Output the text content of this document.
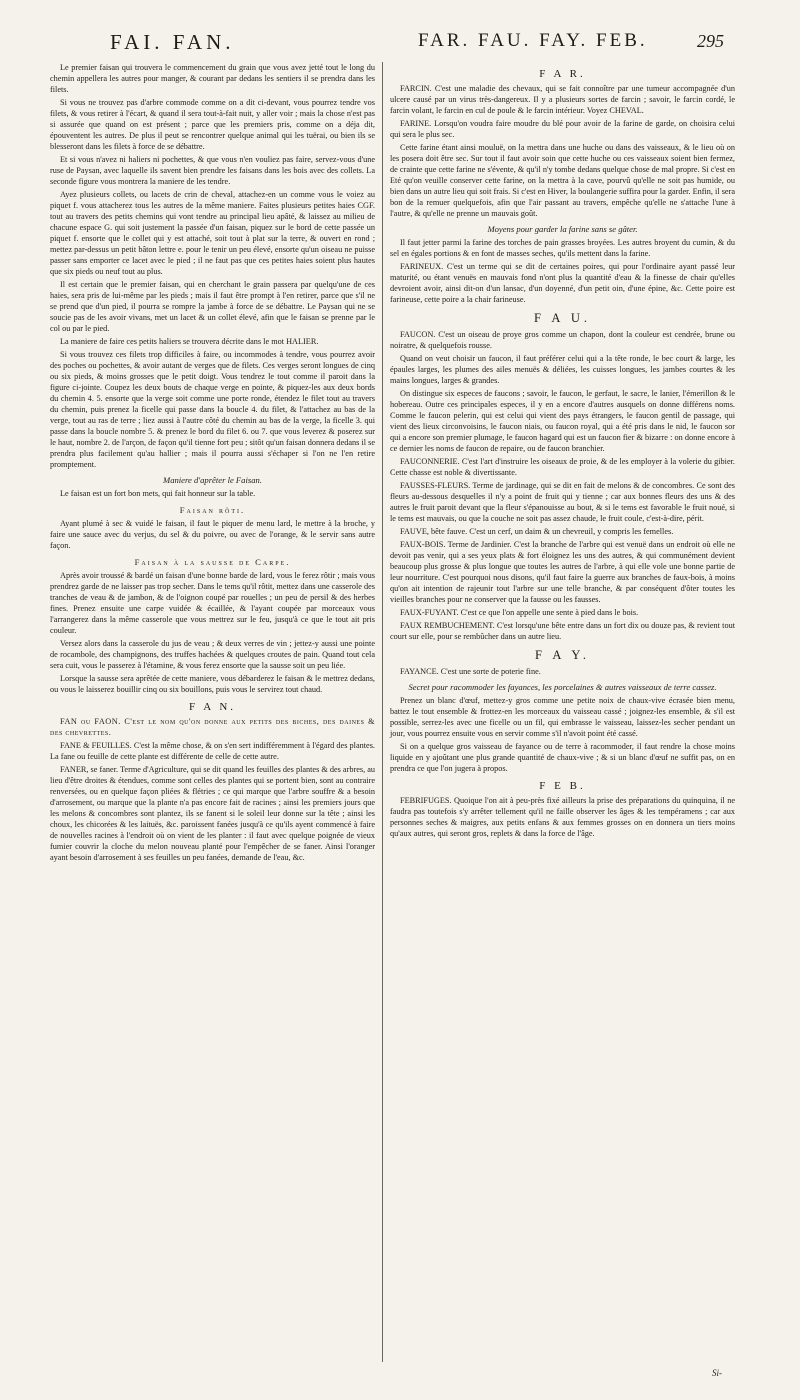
FAI. FAN.	FAR. FAU. FAY. FEB.	295

Le premier faisan qui trouvera le commencement du grain que vous avez jetté tout le long du chemin appellera les autres pour manger, & courant par dedans les sentiers il se prendra dans les filets.

Si vous ne trouvez pas d'arbre commode comme on a dit ci-devant, vous pourrez tendre vos filets, & vous retirer à l'écart, & quand il sera tout-à-fait nuit, y aller voir ; mais la chose n'est pas si assurée que quand on est présent ; parce que les premiers pris, comme on a déja dit, épouventent les autres. De plus il peut se rencontrer quelque animal qui les tuërai, ou bien ils se blesseront dans les filets à force de se débattre.

Et si vous n'avez ni haliers ni pochettes, & que vous n'en vouliez pas faire, servez-vous d'une ruse de Paysan, avec laquelle ils savent bien prendre les faisans dans les bois avec des collets. La seconde figure vous montrera la maniere de les tendre.

Ayez plusieurs collets, ou lacets de crin de cheval, attachez-en un comme vous le voiez au piquet f. vous attacherez tous les autres de la même maniere. Faites plusieurs petites haies CGF. tout au travers des petits chemins qui vont tendre au principal lieu apâté, & laissez au milieu de chacune espace G. qui soit justement la passée d'un faisan, piquez sur le bord de cette passée un piquet f. ensorte que le collet qui y est attaché, soit tout à plat sur la terre, & ouvert en rond ; mettez par-dessus un petit bâton lettre e. pour le tenir un peu élevé, ensorte qu'un oiseau ne puisse passer sans emporter ce lacet avec le pied ; il ne faut pas que ces petites haies soient plus hautes que six pieds ou neuf tout au plus.

Il est certain que le premier faisan, qui en cherchant le grain passera par quelqu'une de ces haies, sera pris de lui-même par les pieds ; mais il faut être prompt à l'en retirer, parce que s'il ne se prend que d'un pied, il pourra se rompre la jambe à force de se débattre. Le Paysan qui ne se soucie pas de les avoir vivans, met un lacet & un collet élevé, afin que le faisan se prenne par le col ou par le pied.

La maniere de faire ces petits haliers se trouvera décrite dans le mot HALIER.

Si vous trouvez ces filets trop difficiles à faire, ou incommodes à tendre, vous pourrez avoir des poches ou pochettes, & avoir autant de verges que de filets. Ces verges seront longues de cinq ou six pieds, & moins grosses que le petit doigt. Vous tendrez le tout comme il paroit dans la figure ci-jointe. Coupez les deux bouts de chaque verge en pointe, & piquez-les aux deux bords du chemin 4. 5. ensorte que la verge soit comme une porte ronde, étendez le filet tout au travers du chemin, puis prenez la ficelle qui passe dans la boucle 4. du filet, & l'attachez au bas de la verge, tout au ras de terre ; liez aussi à l'autre côté du chemin au bas de la verge, la ficelle 3. qui passe dans la boucle nombre 5. & prenez le bord du filet 6. ou 7. que vous leverez & poserez sur le haut, nombre 2. de l'arçon, de façon qu'il tienne fort peu ; sitôt qu'un faisan donnera dedans il se prendra plus facilement qu'au hallier ; mais il pourra aussi s'échaper si l'on ne l'en retire promptement.

Maniere d'aprêter le Faisan.

Le faisan est un fort bon mets, qui fait honneur sur la table.

Faisan rôti.

Ayant plumé à sec & vuidé le faisan, il faut le piquer de menu lard, le mettre à la broche, y faire une sauce avec du verjus, du sel & du poivre, ou avec de l'orange, & le servir sans autre façon.

Faisan à la sausse de Carpe.

Après avoir troussé & bardé un faisan d'une bonne barde de lard, vous le ferez rôtir ; mais vous prendrez garde de ne laisser pas trop secher. Dans le tems qu'il rôtit, mettez dans une casserole des tranches de veau & de jambon, & de l'oignon coupé par rouelles ; un peu de persil & des herbes fines. Prenez ensuite une carpe vuidée & écaillée, & l'ayant coupée par morceaux vous l'arrangerez dans la même casserole que vous mettrez sur le feu, jusqu'à ce que le tout ait pris couleur.

Versez alors dans la casserole du jus de veau ; & deux verres de vin ; jettez-y aussi une pointe de rocambole, des champignons, des truffes hachées & quelques croutes de pain. Quand tout cela sera cuit, vous le passerez à l'étamine, & vous ferez ensorte que la sausse soit un peu liée.

Lorsque la sausse sera aprêtée de cette maniere, vous débarderez le faisan & le mettrez dedans, ou vous le laisserez bouillir cinq ou six bouillons, puis vous le servirez tout chaud.

F A N.

FAN ou FAON. C'est le nom qu'on donne aux petits des biches, des daines & des chevrettes.

FANE & FEUILLES. C'est la même chose, & on s'en sert indifféremment à l'égard des plantes. La fane ou feuille de cette plante est différente de celle de cette autre.

FANER, se faner. Terme d'Agriculture, qui se dit quand les feuilles des plantes & des arbres, au lieu d'être droites & étendues, comme sont celles des plantes qui se portent bien, sont au contraire renversées, ou en quelque façon pliées & flétries ; ce qui marque que l'arbre souffre & a besoin d'arrosement, ou marque que la plante n'a pas encore fait de racines ; ainsi les premiers jours que les melons & concombres sont plantez, ils se fanent si le soleil leur donne sur la tête ; ainsi les choux, les chicorées & les laituës, &c. paroissent fanées jusqu'à ce qu'ils ayent commencé à faire de nouvelles racines à l'endroit où on vient de les planter : il faut avec quelque poignée de vieux fumier couvrir la cloche du melon nouveau planté pour l'empêcher de se faner. Ainsi l'oranger ayant besoin d'arrosement à ses feuilles un peu fanées, demande de l'eau, &c.

F A R.

FARCIN. C'est une maladie des chevaux, qui se fait connoître par une tumeur accompagnée d'un ulcere causé par un virus très-dangereux. Il y a plusieurs sortes de farcin ; savoir, le farcin cordé, le farcin volant, le farcin en cul de poule & le farcin intérieur. Voyez CHEVAL.

FARINE. Lorsqu'on voudra faire moudre du blé pour avoir de la farine de garde, on choisira celui qui sera le plus sec.

Cette farine étant ainsi mouluë, on la mettra dans une huche ou dans des vaisseaux, & le lieu où on les posera doit être sec. Sur tout il faut avoir soin que cette huche ou ces vaisseaux soient bien fermez, de crainte que cette farine ne s'évente, & qu'il n'y tombe dedans quelque chose de mal propre. Si c'est en Eté qu'on veuille conserver cette farine, on la mettra à la cave, pourvû qu'elle ne soit pas humide, ou bien dans un autre lieu qui soit frais. Si c'est en Hiver, la boulangerie suffira pour la garder. Enfin, il sera bon de la remuer quelquefois, afin que l'air passant au travers, empêche qu'elle ne s'attache l'une à l'autre, & qu'elle ne prenne un mauvais goût.

Moyens pour garder la farine sans se gâter.

Il faut jetter parmi la farine des torches de pain grasses broyées. Les autres broyent du cumin, & du sel en égales portions & en font de masses seches, qu'ils mettent dans la farine.

FARINEUX. C'est un terme qui se dit de certaines poires, qui pour l'ordinaire ayant passé leur maturité, ou étant venuës en mauvais fond n'ont plus la quantité d'eau & la finesse de chair qu'elles devroient avoir, ainsi dit-on d'un lansac, d'un doyenné, d'un petit oin, d'une épine, &c. Cette poire est farineuse, cette poire a la chair farineuse.

F A U.

FAUCON. C'est un oiseau de proye gros comme un chapon, dont la couleur est cendrée, brune ou noiratre, & quelquefois rousse.

Quand on veut choisir un faucon, il faut préférer celui qui a la tête ronde, le bec court & large, les épaules larges, les plumes des ailes menuës & déliées, les cuisses longues, les jambes courtes & les mains longues, larges & grandes.

On distingue six especes de faucons ; savoir, le faucon, le gerfaut, le sacre, le lanier, l'émerillon & le hobereau. Outre ces principales especes, il y en a encore d'autres ausquels on donne différens noms. Comme le faucon pelerin, qui est celui qui vient des pays étrangers, le faucon gentil de passage, qui vient des lieux circonvoisins, le faucon niais, ou faucon royal, qui a été pris dans le nid, le faucon sor qui a encore son premier plumage, le faucon hagard qui est un faucon fier & bizarre : on donne encore à ce dernier les noms de faucon de repaire, ou de faucon branchier.

FAUCONNERIE. C'est l'art d'instruire les oiseaux de proie, & de les employer à la volerie du gibier. Cette chasse est noble & divertissante.

FAUSSES-FLEURS. Terme de jardinage, qui se dit en fait de melons & de concombres. Ce sont des fleurs au-dessous desquelles il n'y a point de fruit qui y tienne ; car aux bonnes fleurs des uns & des autres le fruit paroit devant que la fleur s'épanouisse au bout, & si le tems est favorable le fruit noué, si le tems est mauvais, ou que la couche ne soit pas assez chaude, le fruit coule, c'est-à-dire, périt.

FAUVE, bête fauve. C'est un cerf, un daim & un chevreuil, y compris les femelles.

FAUX-BOIS. Terme de Jardinier. C'est la branche de l'arbre qui est venuë dans un endroit où elle ne devoit pas venir, qui a ses yeux plats & fort éloignez les uns des autres, & qui communément devient beaucoup plus grosse & plus longue que toutes les autres de l'arbre, à qui elle vole une bonne partie de leur nourriture. C'est pourquoi nous disons, qu'il faut faire la guerre aux branches de faux-bois, à moins qu'on ait intention de rajeunir tout l'arbre sur une telle branche, & par conséquent d'ôter toutes les vieilles branches pour ne conserver que la fausse ou les fausses.

FAUX-FUYANT. C'est ce que l'on appelle une sente à pied dans le bois.

FAUX REMBUCHEMENT. C'est lorsqu'une bête entre dans un fort dix ou douze pas, & revient tout court sur elle, pour se rembûcher dans un autre lieu.

F A Y.

FAYANCE. C'est une sorte de poterie fine.

Secret pour racommoder les fayances, les porcelaines & autres vaisseaux de terre cassez.

Prenez un blanc d'œuf, mettez-y gros comme une petite noix de chaux-vive écrasée bien menu, battez le tout ensemble & frottez-en les morceaux du vaisseau cassé ; joignez-les ensemble, & s'il est possible, serrez-les avec une ficelle ou un fil, qui embrasse le vaisseau, laissez-les secher pendant un jour, vous pourrez ensuite vous en servir comme s'il n'avoit point été cassé.

Si on a quelque gros vaisseau de fayance ou de terre à racommoder, il faut rendre la chose moins liquide en y ajoûtant une plus grande quantité de chaux-vive ; & si un blanc d'œuf ne suffit pas, on en prendra ce que l'on jugera à propos.

F E B.

FEBRIFUGES. Quoique l'on ait à peu-près fixé ailleurs la prise des préparations du quinquina, il ne faudra pas toutefois s'y arrêter tellement qu'il ne faille observer les âges & les tempéramens ; car aux personnes seches & maigres, aux petits enfans & aux femmes grosses on en donnera un tiers moins qu'aux autres, qui seront gros, replets & dans la force de l'âge.

Si-
